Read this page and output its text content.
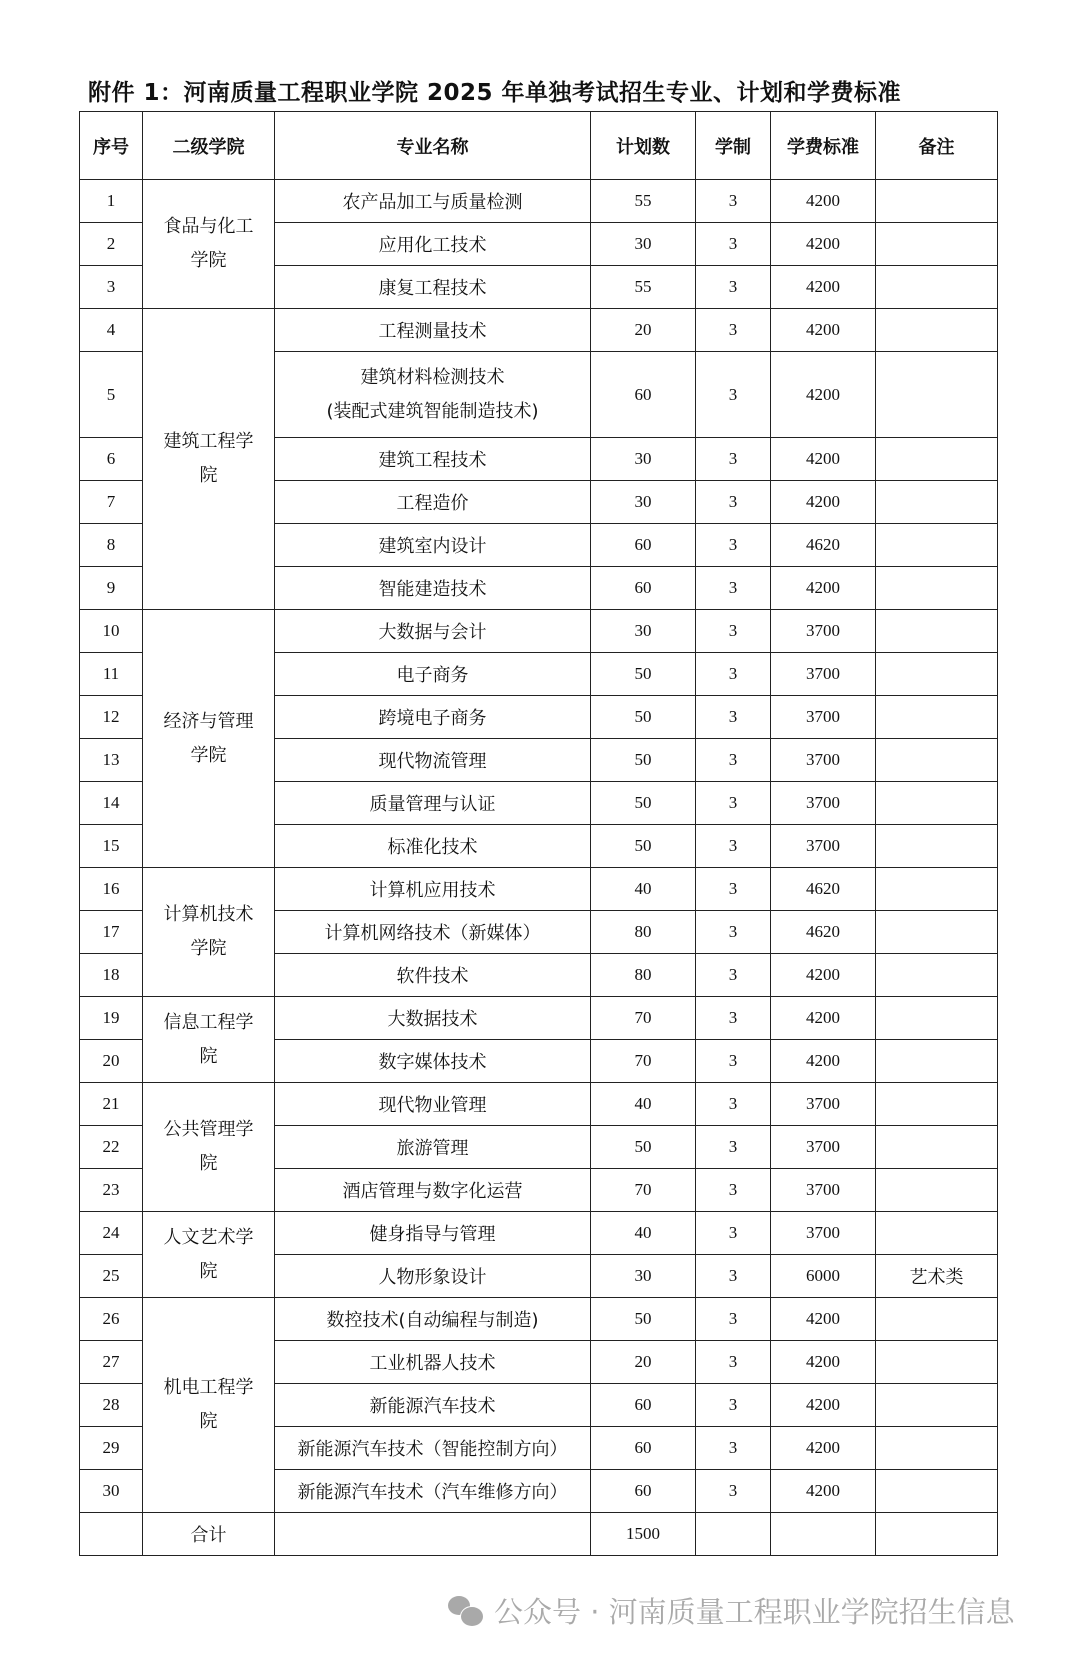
附件 1：河南质量工程职业学院 2025 年单独考试招生专业、计划和学费标准
序号	二级学院	专业名称	计划数	学制	学费标准	备注
1	食品与化工学院	农产品加工与质量检测	55	3	4200	
2		应用化工技术	30	3	4200	
3		康复工程技术	55	3	4200	
4	建筑工程学院	工程测量技术	20	3	4200	
5		建筑材料检测技术
(装配式建筑智能制造技术)	60	3	4200	
6		建筑工程技术	30	3	4200	
7		工程造价	30	3	4200	
8		建筑室内设计	60	3	4620	
9		智能建造技术	60	3	4200	
10	经济与管理学院	大数据与会计	30	3	3700	
11		电子商务	50	3	3700	
12		跨境电子商务	50	3	3700	
13		现代物流管理	50	3	3700	
14		质量管理与认证	50	3	3700	
15		标准化技术	50	3	3700	
16	计算机技术学院	计算机应用技术	40	3	4620	
17		计算机网络技术（新媒体）	80	3	4620	
18		软件技术	80	3	4200	
19	信息工程学院	大数据技术	70	3	4200	
20		数字媒体技术	70	3	4200	
21	公共管理学院	现代物业管理	40	3	3700	
22		旅游管理	50	3	3700	
23		酒店管理与数字化运营	70	3	3700	
24	人文艺术学院	健身指导与管理	40	3	3700	
25		人物形象设计	30	3	6000	艺术类
26	机电工程学院	数控技术(自动编程与制造)	50	3	4200	
27		工业机器人技术	20	3	4200	
28		新能源汽车技术	60	3	4200	
29		新能源汽车技术（智能控制方向）	60	3	4200	
30		新能源汽车技术（汽车维修方向）	60	3	4200	
	合计		1500			
公众号 · 河南质量工程职业学院招生信息
